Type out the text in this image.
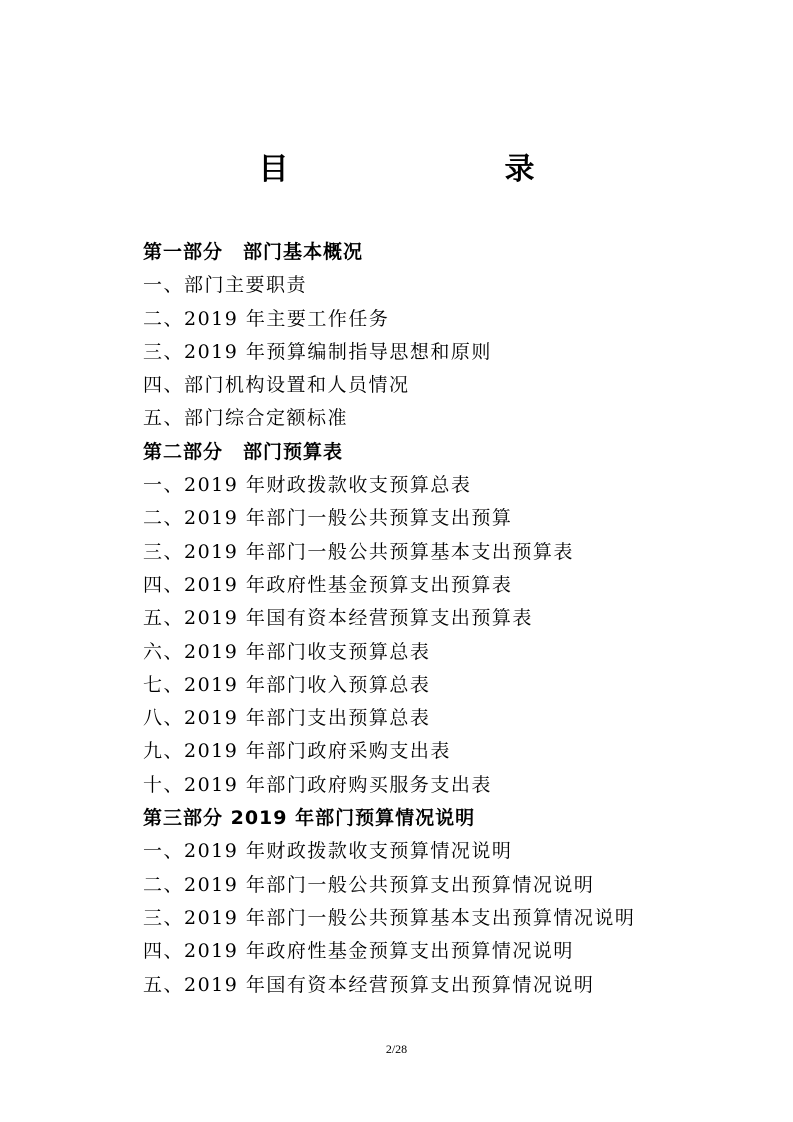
目　　录
第一部分　部门基本概况
一、部门主要职责
二、2019 年主要工作任务
三、2019 年预算编制指导思想和原则
四、部门机构设置和人员情况
五、部门综合定额标准
第二部分　部门预算表
一、2019 年财政拨款收支预算总表
二、2019 年部门一般公共预算支出预算
三、2019 年部门一般公共预算基本支出预算表
四、2019 年政府性基金预算支出预算表
五、2019 年国有资本经营预算支出预算表
六、2019 年部门收支预算总表
七、2019 年部门收入预算总表
八、2019 年部门支出预算总表
九、2019 年部门政府采购支出表
十、2019 年部门政府购买服务支出表
第三部分 2019 年部门预算情况说明
一、2019 年财政拨款收支预算情况说明
二、2019 年部门一般公共预算支出预算情况说明
三、2019 年部门一般公共预算基本支出预算情况说明
四、2019 年政府性基金预算支出预算情况说明
五、2019 年国有资本经营预算支出预算情况说明
2/28
